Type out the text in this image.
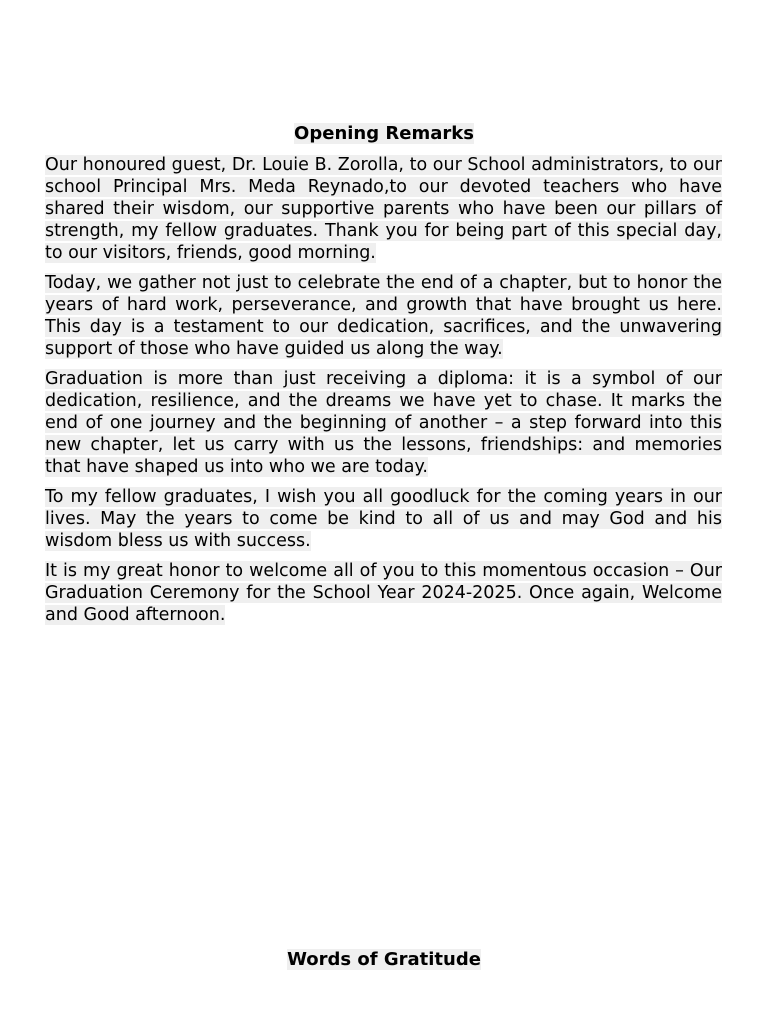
Opening Remarks

Our honoured guest, Dr. Louie B. Zorolla, to our School administrators, to our school Principal Mrs. Meda Reynado,to our devoted teachers who have shared their wisdom, our supportive parents who have been our pillars of strength, my fellow graduates. Thank you for being part of this special day, to our visitors, friends, good morning.

Today, we gather not just to celebrate the end of a chapter, but to honor the years of hard work, perseverance, and growth that have brought us here. This day is a testament to our dedication, sacrifices, and the unwavering support of those who have guided us along the way.

Graduation is more than just receiving a diploma: it is a symbol of our dedication, resilience, and the dreams we have yet to chase. It marks the end of one journey and the beginning of another – a step forward into this new chapter, let us carry with us the lessons, friendships: and memories that have shaped us into who we are today.

To my fellow graduates, I wish you all goodluck for the coming years in our lives. May the years to come be kind to all of us and may God and his wisdom bless us with success.

It is my great honor to welcome all of you to this momentous occasion – Our Graduation Ceremony for the School Year 2024-2025. Once again, Welcome and Good afternoon.

Words of Gratitude
